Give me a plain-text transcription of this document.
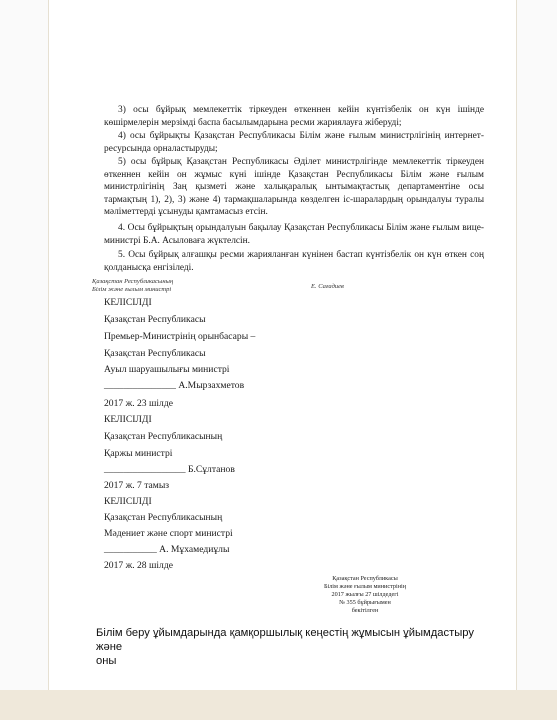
3) осы бұйрық мемлекеттік тіркеуден өткеннен кейін күнтізбелік он күн ішінде көшірмелерін мерзімді баспа басылымдарына ресми жариялауға жіберуді;
4) осы бұйрықты Қазақстан Республикасы Білім және ғылым министрлігінің интернет-ресурсында орналастыруды;
5) осы бұйрық Қазақстан Республикасы Әділет министрлігінде мемлекеттік тіркеуден өткеннен кейін он жұмыс күні ішінде Қазақстан Республикасы Білім және ғылым министрлігінің Заң қызметі және халықаралық ынтымақтастық департаментіне осы тармақтың 1), 2), 3) және 4) тармақшаларында көзделген іс-шаралардың орындалуы туралы мәліметтерді ұсынуды қамтамасыз етсін.
4. Осы бұйрықтың орындалуын бақылау Қазақстан Республикасы Білім және ғылым вице-министрі Б.А. Асыловаға жүктелсін.
5. Осы бұйрық алғашқы ресми жарияланған күнінен бастап күнтізбелік он күн өткен соң қолданысқа енгізіледі.
Қазақстан Республикасының
Білім және ғылым министрі	Е. Сағадиев
КЕЛІСІЛДІ
Қазақстан Республикасы
Премьер-Министрінің орынбасары –
Қазақстан Республикасы
Ауыл шаруашылығы министрі
_______________ А.Мырзахметов
2017 ж. 23 шілде
КЕЛІСІЛДІ
Қазақстан Республикасының
Қаржы министрі
_________________ Б.Сұлтанов
2017 ж. 7 тамыз
КЕЛІСІЛДІ
Қазақстан Республикасының
Мәдениет және спорт министрі
___________ А. Мұхамедиұлы
2017 ж. 28 шілде
Қазақстан Республикасы
Білім және ғылым министрінің
2017 жылғы 27 шілдедегі
№ 355 бұйрығымен
бекітілген
Білім беру ұйымдарында қамқоршылық кеңестің жұмысын ұйымдастыру және
оны
